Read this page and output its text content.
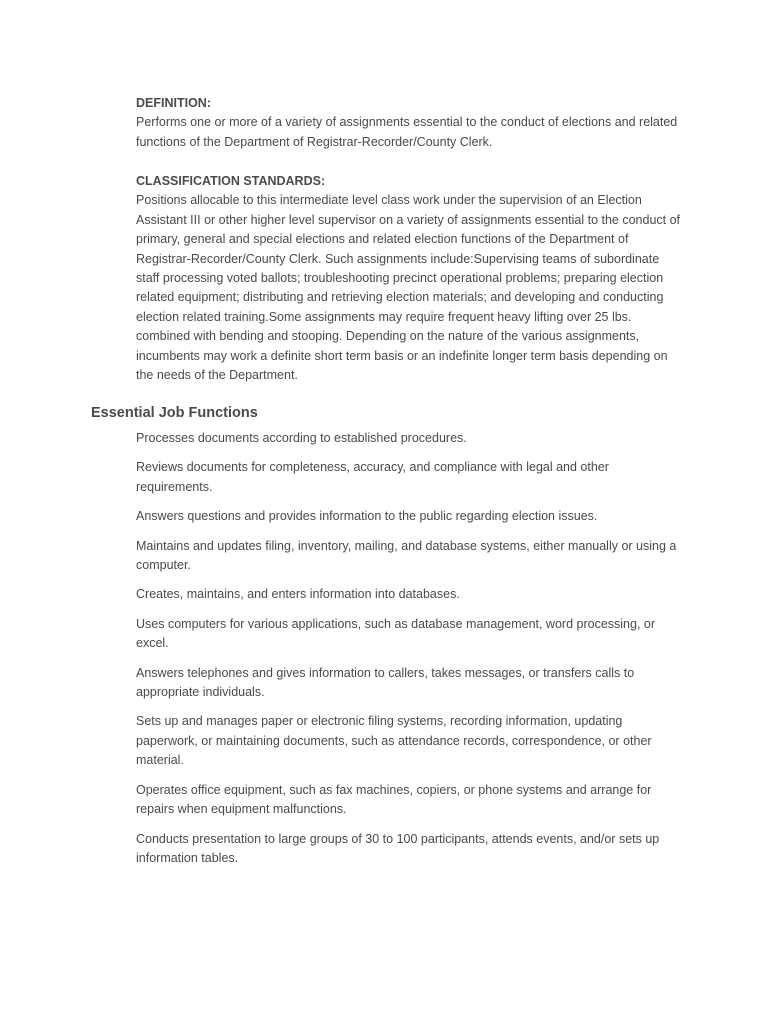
DEFINITION:

Performs one or more of a variety of assignments essential to the conduct of elections and related functions of the Department of Registrar-Recorder/County Clerk.

CLASSIFICATION STANDARDS:

Positions allocable to this intermediate level class work under the supervision of an Election Assistant III or other higher level supervisor on a variety of assignments essential to the conduct of primary, general and special elections and related election functions of the Department of Registrar-Recorder/County Clerk. Such assignments include:Supervising teams of subordinate staff processing voted ballots; troubleshooting precinct operational problems; preparing election related equipment; distributing and retrieving election materials; and developing and conducting election related training.Some assignments may require frequent heavy lifting over 25 lbs. combined with bending and stooping. Depending on the nature of the various assignments, incumbents may work a definite short term basis or an indefinite longer term basis depending on the needs of the Department.

Essential Job Functions

Processes documents according to established procedures.

Reviews documents for completeness, accuracy, and compliance with legal and other requirements.

Answers questions and provides information to the public regarding election issues.

Maintains and updates filing, inventory, mailing, and database systems, either manually or using a computer.

Creates, maintains, and enters information into databases.

Uses computers for various applications, such as database management, word processing, or excel.

Answers telephones and gives information to callers, takes messages, or transfers calls to appropriate individuals.

Sets up and manages paper or electronic filing systems, recording information, updating paperwork, or maintaining documents, such as attendance records, correspondence, or other material.

Operates office equipment, such as fax machines, copiers, or phone systems and arrange for repairs when equipment malfunctions.

Conducts presentation to large groups of 30 to 100 participants, attends events, and/or sets up information tables.
